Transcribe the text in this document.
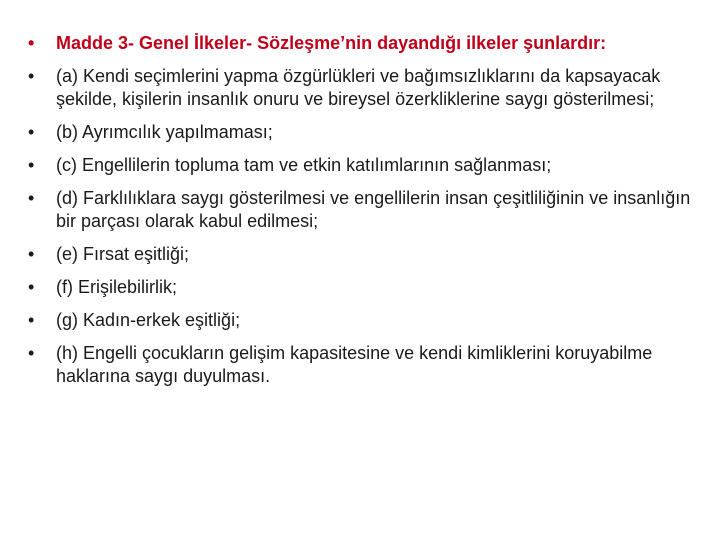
• Madde 3- Genel İlkeler- Sözleşme’nin dayandığı ilkeler şunlardır:
• (a) Kendi seçimlerini yapma özgürlükleri ve bağımsızlıklarını da kapsayacak şekilde, kişilerin insanlık onuru ve bireysel özerkliklerine saygı gösterilmesi;
• (b) Ayrımcılık yapılmaması;
• (c) Engellilerin topluma tam ve etkin katılımlarının sağlanması;
• (d) Farklılıklara saygı gösterilmesi ve engellilerin insan çeşitliliğinin ve insanlığın bir parçası olarak kabul edilmesi;
• (e) Fırsat eşitliği;
• (f) Erişilebilirlik;
• (g) Kadın-erkek eşitliği;
• (h) Engelli çocukların gelişim kapasitesine ve kendi kimliklerini koruyabilme haklarına saygı duyulması.
